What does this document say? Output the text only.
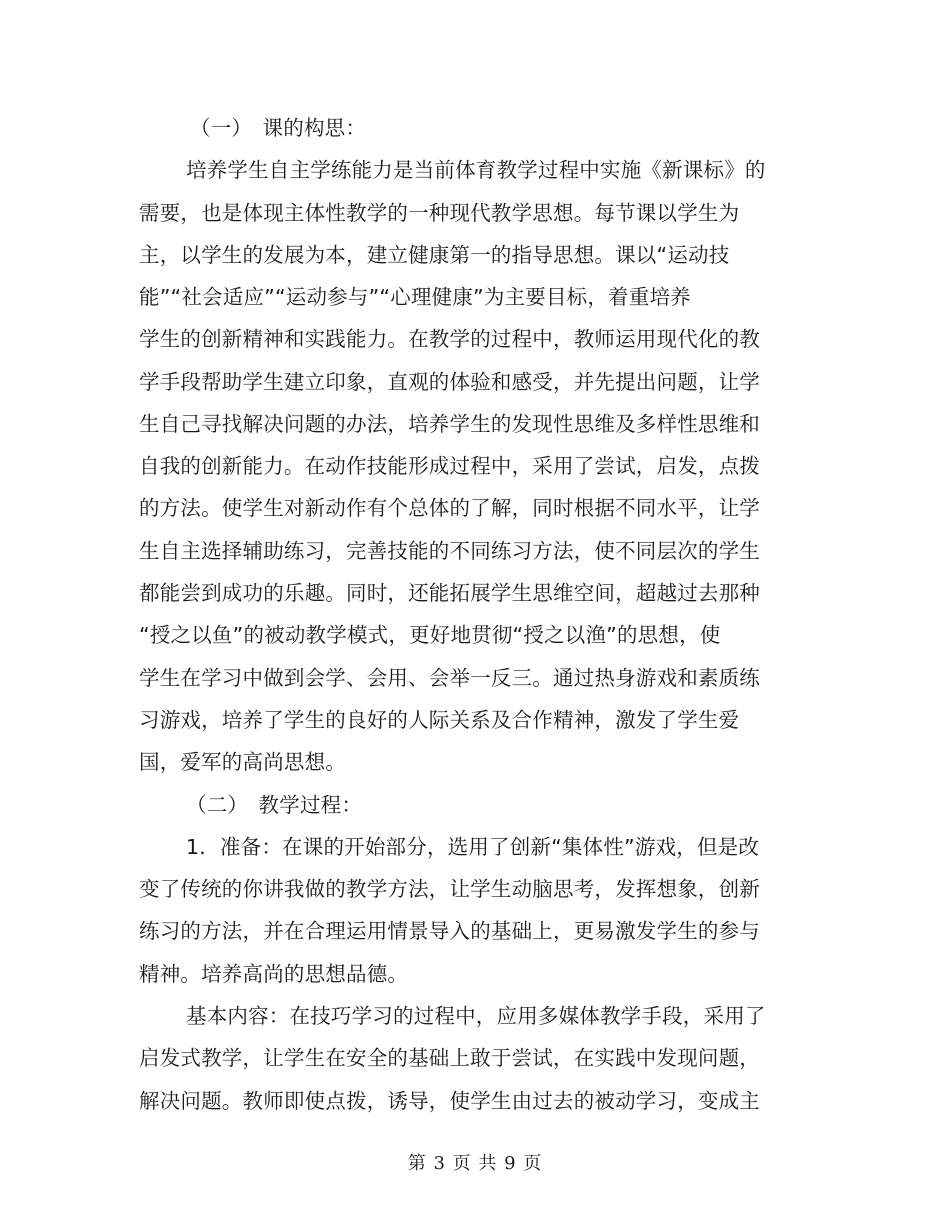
（一）　课的构思：
培养学生自主学练能力是当前体育教学过程中实施《新课标》的
需要，也是体现主体性教学的一种现代教学思想。每节课以学生为
主，以学生的发展为本，建立健康第一的指导思想。课以“运动技
能”“社会适应”“运动参与”“心理健康”为主要目标，着重培养
学生的创新精神和实践能力。在教学的过程中，教师运用现代化的教
学手段帮助学生建立印象，直观的体验和感受，并先提出问题，让学
生自己寻找解决问题的办法，培养学生的发现性思维及多样性思维和
自我的创新能力。在动作技能形成过程中，采用了尝试，启发，点拨
的方法。使学生对新动作有个总体的了解，同时根据不同水平，让学
生自主选择辅助练习，完善技能的不同练习方法，使不同层次的学生
都能尝到成功的乐趣。同时，还能拓展学生思维空间，超越过去那种
“授之以鱼”的被动教学模式，更好地贯彻“授之以渔”的思想，使
学生在学习中做到会学、会用、会举一反三。通过热身游戏和素质练
习游戏，培养了学生的良好的人际关系及合作精神，激发了学生爱
国，爱军的高尚思想。
（二）　教学过程：
1．准备：在课的开始部分，选用了创新“集体性”游戏，但是改
变了传统的你讲我做的教学方法，让学生动脑思考，发挥想象，创新
练习的方法，并在合理运用情景导入的基础上，更易激发学生的参与
精神。培养高尚的思想品德。
基本内容：在技巧学习的过程中，应用多媒体教学手段，采用了
启发式教学，让学生在安全的基础上敢于尝试，在实践中发现问题，
解决问题。教师即使点拨，诱导，使学生由过去的被动学习，变成主
第 3 页 共 9 页
